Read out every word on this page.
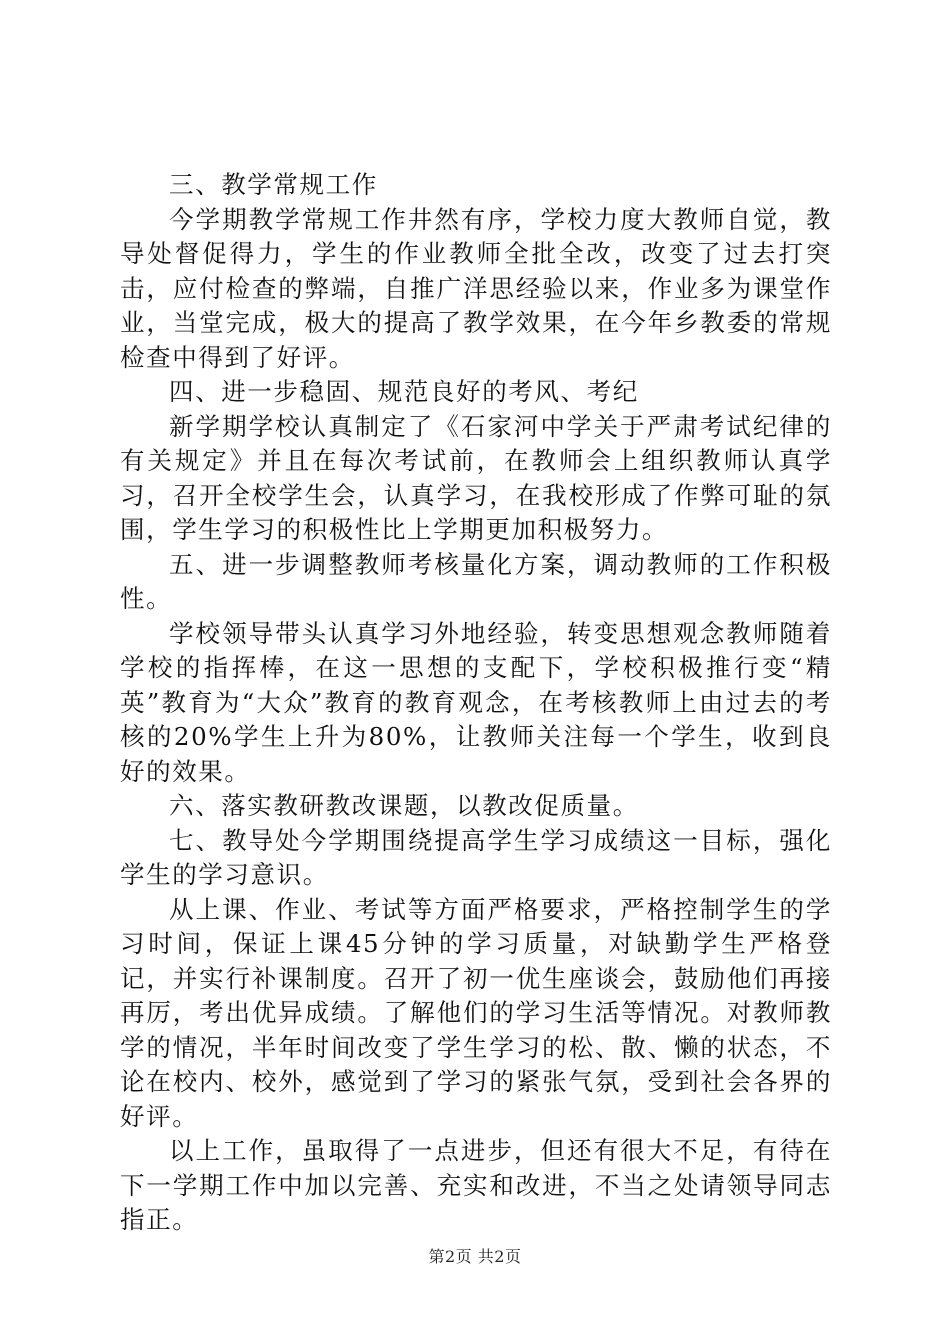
三、教学常规工作

今学期教学常规工作井然有序，学校力度大教师自觉，教导处督促得力，学生的作业教师全批全改，改变了过去打突击，应付检查的弊端，自推广洋思经验以来，作业多为课堂作业，当堂完成，极大的提高了教学效果，在今年乡教委的常规检查中得到了好评。

四、进一步稳固、规范良好的考风、考纪

新学期学校认真制定了《石家河中学关于严肃考试纪律的有关规定》并且在每次考试前，在教师会上组织教师认真学习，召开全校学生会，认真学习，在我校形成了作弊可耻的氛围，学生学习的积极性比上学期更加积极努力。

五、进一步调整教师考核量化方案，调动教师的工作积极性。

学校领导带头认真学习外地经验，转变思想观念教师随着学校的指挥棒，在这一思想的支配下，学校积极推行变“精英”教育为“大众”教育的教育观念，在考核教师上由过去的考核的20%学生上升为80%，让教师关注每一个学生，收到良好的效果。

六、落实教研教改课题，以教改促质量。

七、教导处今学期围绕提高学生学习成绩这一目标，强化学生的学习意识。

从上课、作业、考试等方面严格要求，严格控制学生的学习时间，保证上课45分钟的学习质量，对缺勤学生严格登记，并实行补课制度。召开了初一优生座谈会，鼓励他们再接再厉，考出优异成绩。了解他们的学习生活等情况。对教师教学的情况，半年时间改变了学生学习的松、散、懒的状态，不论在校内、校外，感觉到了学习的紧张气氛，受到社会各界的好评。

以上工作，虽取得了一点进步，但还有很大不足，有待在下一学期工作中加以完善、充实和改进，不当之处请领导同志指正。

第2页 共2页
